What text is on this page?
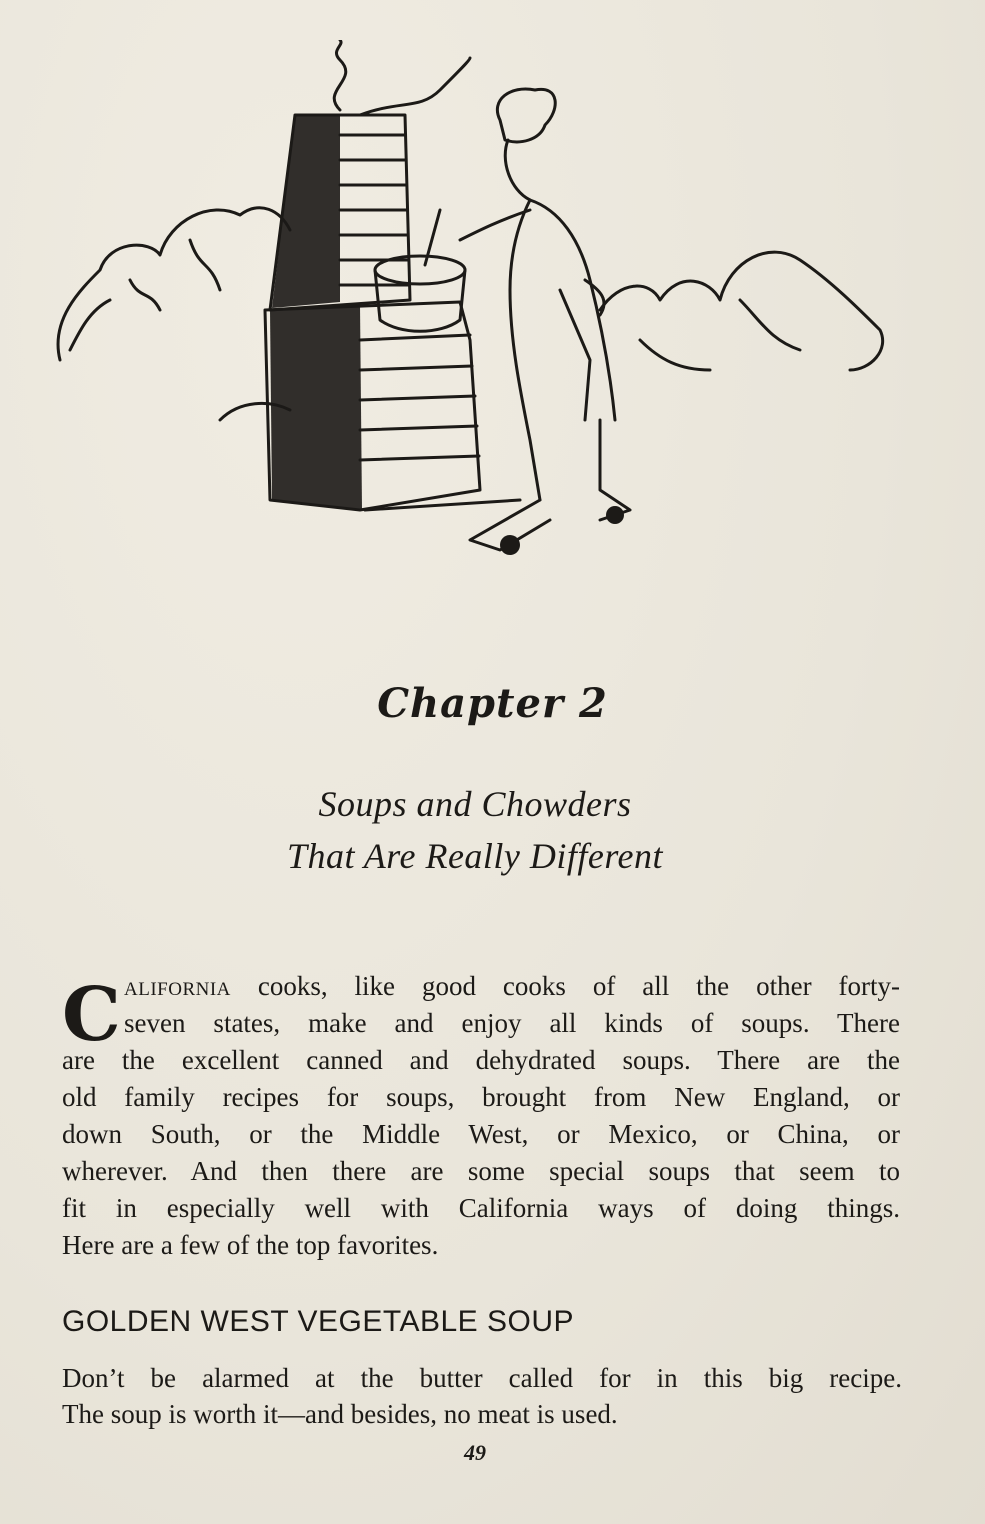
Chapter 2
Soups and Chowders
That Are Really Different
C alifornia cooks, like good cooks of all the other forty-
seven states, make and enjoy all kinds of soups. There
are the excellent canned and dehydrated soups. There are the
old family recipes for soups, brought from New England, or
down South, or the Middle West, or Mexico, or China, or
wherever. And then there are some special soups that seem to
fit in especially well with California ways of doing things.
Here are a few of the top favorites.
GOLDEN WEST VEGETABLE SOUP
Don’t be alarmed at the butter called for in this big recipe.
The soup is worth it—and besides, no meat is used.
49
